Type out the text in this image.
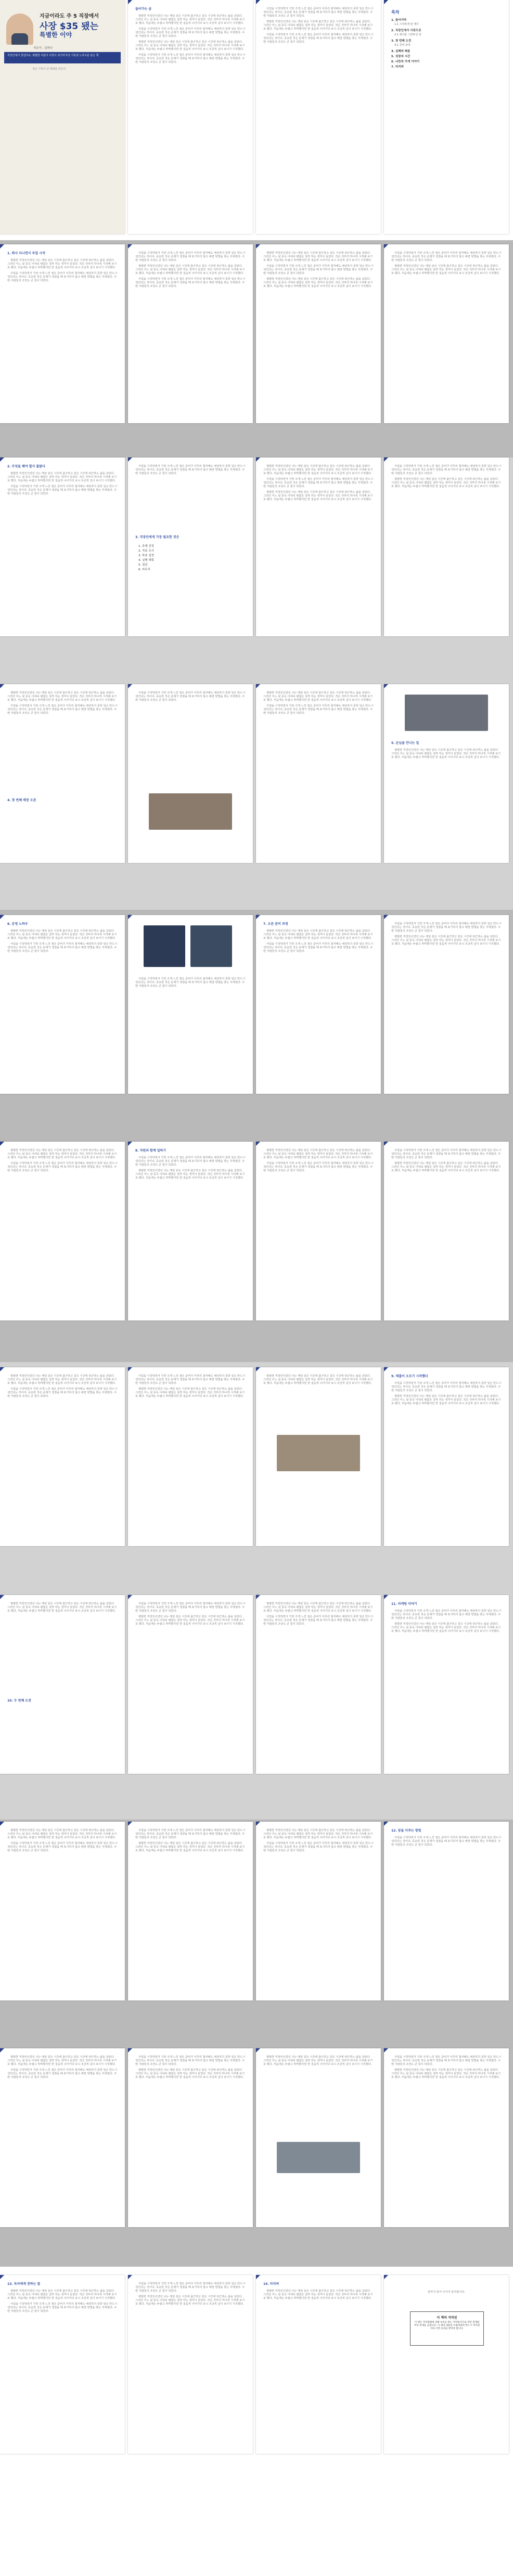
지금이라도 주 5 직장에서
사장 $35 됐는
특별한 이야
지은이 : 김하나
직장인에서 창업자로, 평범한 사람이 사장이 되기까지의 기록과 노하우를 담은 책
작은 시작이 큰 변화를 만든다
들어가는 글

평범한 직장인이었던 나는 매일 같은 시간에 출근하고 같은 시간에 퇴근하는 삶을 살았다. 그러던 어느 날 문득 이대로 괜찮은 걸까 하는 생각이 들었다. 작은 것부터 하나씩 시작해 보기로 했다. 처음에는 두렵고 막막했지만 한 걸음씩 나아가다 보니 조금씩 길이 보이기 시작했다.

사업을 시작하면서 가장 크게 느낀 점은 준비가 아무리 철저해도 예상하지 못한 일은 반드시 생긴다는 것이다. 중요한 것은 문제가 생겼을 때 포기하지 않고 해결 방법을 찾는 자세였다. 주변 사람들의 조언도 큰 힘이 되었다.

평범한 직장인이었던 나는 매일 같은 시간에 출근하고 같은 시간에 퇴근하는 삶을 살았다. 그러던 어느 날 문득 이대로 괜찮은 걸까 하는 생각이 들었다. 작은 것부터 하나씩 시작해 보기로 했다. 처음에는 두렵고 막막했지만 한 걸음씩 나아가다 보니 조금씩 길이 보이기 시작했다.

사업을 시작하면서 가장 크게 느낀 점은 준비가 아무리 철저해도 예상하지 못한 일은 반드시 생긴다는 것이다. 중요한 것은 문제가 생겼을 때 포기하지 않고 해결 방법을 찾는 자세였다. 주변 사람들의 조언도 큰 힘이 되었다.

사업을 시작하면서 가장 크게 느낀 점은 준비가 아무리 철저해도 예상하지 못한 일은 반드시 생긴다는 것이다. 중요한 것은 문제가 생겼을 때 포기하지 않고 해결 방법을 찾는 자세였다. 주변 사람들의 조언도 큰 힘이 되었다.

평범한 직장인이었던 나는 매일 같은 시간에 출근하고 같은 시간에 퇴근하는 삶을 살았다. 그러던 어느 날 문득 이대로 괜찮은 걸까 하는 생각이 들었다. 작은 것부터 하나씩 시작해 보기로 했다. 처음에는 두렵고 막막했지만 한 걸음씩 나아가다 보니 조금씩 길이 보이기 시작했다.

사업을 시작하면서 가장 크게 느낀 점은 준비가 아무리 철저해도 예상하지 못한 일은 반드시 생긴다는 것이다. 중요한 것은 문제가 생겼을 때 포기하지 않고 해결 방법을 찾는 자세였다. 주변 사람들의 조언도 큰 힘이 되었다.

목차
1. 들어가며
1-1 시작하게 된 계기
2. 직장인에서 사장으로
2-1 회사를 그만두던 날
3. 첫 번째 도전
3-1 준비 과정
4. 실패와 배움
5. 성장의 시간
6. 나만의 가게 이야기
7. 마치며
1. 회사 다니면서 부업 시작

평범한 직장인이었던 나는 매일 같은 시간에 출근하고 같은 시간에 퇴근하는 삶을 살았다. 그러던 어느 날 문득 이대로 괜찮은 걸까 하는 생각이 들었다. 작은 것부터 하나씩 시작해 보기로 했다. 처음에는 두렵고 막막했지만 한 걸음씩 나아가다 보니 조금씩 길이 보이기 시작했다.

사업을 시작하면서 가장 크게 느낀 점은 준비가 아무리 철저해도 예상하지 못한 일은 반드시 생긴다는 것이다. 중요한 것은 문제가 생겼을 때 포기하지 않고 해결 방법을 찾는 자세였다. 주변 사람들의 조언도 큰 힘이 되었다.

사업을 시작하면서 가장 크게 느낀 점은 준비가 아무리 철저해도 예상하지 못한 일은 반드시 생긴다는 것이다. 중요한 것은 문제가 생겼을 때 포기하지 않고 해결 방법을 찾는 자세였다. 주변 사람들의 조언도 큰 힘이 되었다.

평범한 직장인이었던 나는 매일 같은 시간에 출근하고 같은 시간에 퇴근하는 삶을 살았다. 그러던 어느 날 문득 이대로 괜찮은 걸까 하는 생각이 들었다. 작은 것부터 하나씩 시작해 보기로 했다. 처음에는 두렵고 막막했지만 한 걸음씩 나아가다 보니 조금씩 길이 보이기 시작했다.

사업을 시작하면서 가장 크게 느낀 점은 준비가 아무리 철저해도 예상하지 못한 일은 반드시 생긴다는 것이다. 중요한 것은 문제가 생겼을 때 포기하지 않고 해결 방법을 찾는 자세였다. 주변 사람들의 조언도 큰 힘이 되었다.

평범한 직장인이었던 나는 매일 같은 시간에 출근하고 같은 시간에 퇴근하는 삶을 살았다. 그러던 어느 날 문득 이대로 괜찮은 걸까 하는 생각이 들었다. 작은 것부터 하나씩 시작해 보기로 했다. 처음에는 두렵고 막막했지만 한 걸음씩 나아가다 보니 조금씩 길이 보이기 시작했다.

사업을 시작하면서 가장 크게 느낀 점은 준비가 아무리 철저해도 예상하지 못한 일은 반드시 생긴다는 것이다. 중요한 것은 문제가 생겼을 때 포기하지 않고 해결 방법을 찾는 자세였다. 주변 사람들의 조언도 큰 힘이 되었다.

평범한 직장인이었던 나는 매일 같은 시간에 출근하고 같은 시간에 퇴근하는 삶을 살았다. 그러던 어느 날 문득 이대로 괜찮은 걸까 하는 생각이 들었다. 작은 것부터 하나씩 시작해 보기로 했다. 처음에는 두렵고 막막했지만 한 걸음씩 나아가다 보니 조금씩 길이 보이기 시작했다.

사업을 시작하면서 가장 크게 느낀 점은 준비가 아무리 철저해도 예상하지 못한 일은 반드시 생긴다는 것이다. 중요한 것은 문제가 생겼을 때 포기하지 않고 해결 방법을 찾는 자세였다. 주변 사람들의 조언도 큰 힘이 되었다.

평범한 직장인이었던 나는 매일 같은 시간에 출근하고 같은 시간에 퇴근하는 삶을 살았다. 그러던 어느 날 문득 이대로 괜찮은 걸까 하는 생각이 들었다. 작은 것부터 하나씩 시작해 보기로 했다. 처음에는 두렵고 막막했지만 한 걸음씩 나아가다 보니 조금씩 길이 보이기 시작했다.

2. 무엇을 해야 할지 몰랐다

평범한 직장인이었던 나는 매일 같은 시간에 출근하고 같은 시간에 퇴근하는 삶을 살았다. 그러던 어느 날 문득 이대로 괜찮은 걸까 하는 생각이 들었다. 작은 것부터 하나씩 시작해 보기로 했다. 처음에는 두렵고 막막했지만 한 걸음씩 나아가다 보니 조금씩 길이 보이기 시작했다.

사업을 시작하면서 가장 크게 느낀 점은 준비가 아무리 철저해도 예상하지 못한 일은 반드시 생긴다는 것이다. 중요한 것은 문제가 생겼을 때 포기하지 않고 해결 방법을 찾는 자세였다. 주변 사람들의 조언도 큰 힘이 되었다.

사업을 시작하면서 가장 크게 느낀 점은 준비가 아무리 철저해도 예상하지 못한 일은 반드시 생긴다는 것이다. 중요한 것은 문제가 생겼을 때 포기하지 않고 해결 방법을 찾는 자세였다. 주변 사람들의 조언도 큰 힘이 되었다.

3. 직장인에게 가장 필요한 것은
1. 주제 선정
2. 자료 조사
3. 목표 설정
4. 실행 계획
5. 점검
6. 마무리

평범한 직장인이었던 나는 매일 같은 시간에 출근하고 같은 시간에 퇴근하는 삶을 살았다. 그러던 어느 날 문득 이대로 괜찮은 걸까 하는 생각이 들었다. 작은 것부터 하나씩 시작해 보기로 했다. 처음에는 두렵고 막막했지만 한 걸음씩 나아가다 보니 조금씩 길이 보이기 시작했다.

사업을 시작하면서 가장 크게 느낀 점은 준비가 아무리 철저해도 예상하지 못한 일은 반드시 생긴다는 것이다. 중요한 것은 문제가 생겼을 때 포기하지 않고 해결 방법을 찾는 자세였다. 주변 사람들의 조언도 큰 힘이 되었다.

평범한 직장인이었던 나는 매일 같은 시간에 출근하고 같은 시간에 퇴근하는 삶을 살았다. 그러던 어느 날 문득 이대로 괜찮은 걸까 하는 생각이 들었다. 작은 것부터 하나씩 시작해 보기로 했다. 처음에는 두렵고 막막했지만 한 걸음씩 나아가다 보니 조금씩 길이 보이기 시작했다.

사업을 시작하면서 가장 크게 느낀 점은 준비가 아무리 철저해도 예상하지 못한 일은 반드시 생긴다는 것이다. 중요한 것은 문제가 생겼을 때 포기하지 않고 해결 방법을 찾는 자세였다. 주변 사람들의 조언도 큰 힘이 되었다.

평범한 직장인이었던 나는 매일 같은 시간에 출근하고 같은 시간에 퇴근하는 삶을 살았다. 그러던 어느 날 문득 이대로 괜찮은 걸까 하는 생각이 들었다. 작은 것부터 하나씩 시작해 보기로 했다. 처음에는 두렵고 막막했지만 한 걸음씩 나아가다 보니 조금씩 길이 보이기 시작했다.

평범한 직장인이었던 나는 매일 같은 시간에 출근하고 같은 시간에 퇴근하는 삶을 살았다. 그러던 어느 날 문득 이대로 괜찮은 걸까 하는 생각이 들었다. 작은 것부터 하나씩 시작해 보기로 했다. 처음에는 두렵고 막막했지만 한 걸음씩 나아가다 보니 조금씩 길이 보이기 시작했다.

사업을 시작하면서 가장 크게 느낀 점은 준비가 아무리 철저해도 예상하지 못한 일은 반드시 생긴다는 것이다. 중요한 것은 문제가 생겼을 때 포기하지 않고 해결 방법을 찾는 자세였다. 주변 사람들의 조언도 큰 힘이 되었다.

4. 첫 번째 매장 오픈

사업을 시작하면서 가장 크게 느낀 점은 준비가 아무리 철저해도 예상하지 못한 일은 반드시 생긴다는 것이다. 중요한 것은 문제가 생겼을 때 포기하지 않고 해결 방법을 찾는 자세였다. 주변 사람들의 조언도 큰 힘이 되었다.

평범한 직장인이었던 나는 매일 같은 시간에 출근하고 같은 시간에 퇴근하는 삶을 살았다. 그러던 어느 날 문득 이대로 괜찮은 걸까 하는 생각이 들었다. 작은 것부터 하나씩 시작해 보기로 했다. 처음에는 두렵고 막막했지만 한 걸음씩 나아가다 보니 조금씩 길이 보이기 시작했다.

사업을 시작하면서 가장 크게 느낀 점은 준비가 아무리 철저해도 예상하지 못한 일은 반드시 생긴다는 것이다. 중요한 것은 문제가 생겼을 때 포기하지 않고 해결 방법을 찾는 자세였다. 주변 사람들의 조언도 큰 힘이 되었다.

5. 손님을 만나는 일

평범한 직장인이었던 나는 매일 같은 시간에 출근하고 같은 시간에 퇴근하는 삶을 살았다. 그러던 어느 날 문득 이대로 괜찮은 걸까 하는 생각이 들었다. 작은 것부터 하나씩 시작해 보기로 했다. 처음에는 두렵고 막막했지만 한 걸음씩 나아가다 보니 조금씩 길이 보이기 시작했다.

6. 운영 노하우

평범한 직장인이었던 나는 매일 같은 시간에 출근하고 같은 시간에 퇴근하는 삶을 살았다. 그러던 어느 날 문득 이대로 괜찮은 걸까 하는 생각이 들었다. 작은 것부터 하나씩 시작해 보기로 했다. 처음에는 두렵고 막막했지만 한 걸음씩 나아가다 보니 조금씩 길이 보이기 시작했다.

사업을 시작하면서 가장 크게 느낀 점은 준비가 아무리 철저해도 예상하지 못한 일은 반드시 생긴다는 것이다. 중요한 것은 문제가 생겼을 때 포기하지 않고 해결 방법을 찾는 자세였다. 주변 사람들의 조언도 큰 힘이 되었다.

사업을 시작하면서 가장 크게 느낀 점은 준비가 아무리 철저해도 예상하지 못한 일은 반드시 생긴다는 것이다. 중요한 것은 문제가 생겼을 때 포기하지 않고 해결 방법을 찾는 자세였다. 주변 사람들의 조언도 큰 힘이 되었다.

7. 오픈 준비 과정

평범한 직장인이었던 나는 매일 같은 시간에 출근하고 같은 시간에 퇴근하는 삶을 살았다. 그러던 어느 날 문득 이대로 괜찮은 걸까 하는 생각이 들었다. 작은 것부터 하나씩 시작해 보기로 했다. 처음에는 두렵고 막막했지만 한 걸음씩 나아가다 보니 조금씩 길이 보이기 시작했다.

사업을 시작하면서 가장 크게 느낀 점은 준비가 아무리 철저해도 예상하지 못한 일은 반드시 생긴다는 것이다. 중요한 것은 문제가 생겼을 때 포기하지 않고 해결 방법을 찾는 자세였다. 주변 사람들의 조언도 큰 힘이 되었다.

사업을 시작하면서 가장 크게 느낀 점은 준비가 아무리 철저해도 예상하지 못한 일은 반드시 생긴다는 것이다. 중요한 것은 문제가 생겼을 때 포기하지 않고 해결 방법을 찾는 자세였다. 주변 사람들의 조언도 큰 힘이 되었다.

평범한 직장인이었던 나는 매일 같은 시간에 출근하고 같은 시간에 퇴근하는 삶을 살았다. 그러던 어느 날 문득 이대로 괜찮은 걸까 하는 생각이 들었다. 작은 것부터 하나씩 시작해 보기로 했다. 처음에는 두렵고 막막했지만 한 걸음씩 나아가다 보니 조금씩 길이 보이기 시작했다.

평범한 직장인이었던 나는 매일 같은 시간에 출근하고 같은 시간에 퇴근하는 삶을 살았다. 그러던 어느 날 문득 이대로 괜찮은 걸까 하는 생각이 들었다. 작은 것부터 하나씩 시작해 보기로 했다. 처음에는 두렵고 막막했지만 한 걸음씩 나아가다 보니 조금씩 길이 보이기 시작했다.

사업을 시작하면서 가장 크게 느낀 점은 준비가 아무리 철저해도 예상하지 못한 일은 반드시 생긴다는 것이다. 중요한 것은 문제가 생겼을 때 포기하지 않고 해결 방법을 찾는 자세였다. 주변 사람들의 조언도 큰 힘이 되었다.

8. 직원과 함께 일하기

사업을 시작하면서 가장 크게 느낀 점은 준비가 아무리 철저해도 예상하지 못한 일은 반드시 생긴다는 것이다. 중요한 것은 문제가 생겼을 때 포기하지 않고 해결 방법을 찾는 자세였다. 주변 사람들의 조언도 큰 힘이 되었다.

평범한 직장인이었던 나는 매일 같은 시간에 출근하고 같은 시간에 퇴근하는 삶을 살았다. 그러던 어느 날 문득 이대로 괜찮은 걸까 하는 생각이 들었다. 작은 것부터 하나씩 시작해 보기로 했다. 처음에는 두렵고 막막했지만 한 걸음씩 나아가다 보니 조금씩 길이 보이기 시작했다.

평범한 직장인이었던 나는 매일 같은 시간에 출근하고 같은 시간에 퇴근하는 삶을 살았다. 그러던 어느 날 문득 이대로 괜찮은 걸까 하는 생각이 들었다. 작은 것부터 하나씩 시작해 보기로 했다. 처음에는 두렵고 막막했지만 한 걸음씩 나아가다 보니 조금씩 길이 보이기 시작했다.

사업을 시작하면서 가장 크게 느낀 점은 준비가 아무리 철저해도 예상하지 못한 일은 반드시 생긴다는 것이다. 중요한 것은 문제가 생겼을 때 포기하지 않고 해결 방법을 찾는 자세였다. 주변 사람들의 조언도 큰 힘이 되었다.

사업을 시작하면서 가장 크게 느낀 점은 준비가 아무리 철저해도 예상하지 못한 일은 반드시 생긴다는 것이다. 중요한 것은 문제가 생겼을 때 포기하지 않고 해결 방법을 찾는 자세였다. 주변 사람들의 조언도 큰 힘이 되었다.

평범한 직장인이었던 나는 매일 같은 시간에 출근하고 같은 시간에 퇴근하는 삶을 살았다. 그러던 어느 날 문득 이대로 괜찮은 걸까 하는 생각이 들었다. 작은 것부터 하나씩 시작해 보기로 했다. 처음에는 두렵고 막막했지만 한 걸음씩 나아가다 보니 조금씩 길이 보이기 시작했다.

평범한 직장인이었던 나는 매일 같은 시간에 출근하고 같은 시간에 퇴근하는 삶을 살았다. 그러던 어느 날 문득 이대로 괜찮은 걸까 하는 생각이 들었다. 작은 것부터 하나씩 시작해 보기로 했다. 처음에는 두렵고 막막했지만 한 걸음씩 나아가다 보니 조금씩 길이 보이기 시작했다.

사업을 시작하면서 가장 크게 느낀 점은 준비가 아무리 철저해도 예상하지 못한 일은 반드시 생긴다는 것이다. 중요한 것은 문제가 생겼을 때 포기하지 않고 해결 방법을 찾는 자세였다. 주변 사람들의 조언도 큰 힘이 되었다.

사업을 시작하면서 가장 크게 느낀 점은 준비가 아무리 철저해도 예상하지 못한 일은 반드시 생긴다는 것이다. 중요한 것은 문제가 생겼을 때 포기하지 않고 해결 방법을 찾는 자세였다. 주변 사람들의 조언도 큰 힘이 되었다.

평범한 직장인이었던 나는 매일 같은 시간에 출근하고 같은 시간에 퇴근하는 삶을 살았다. 그러던 어느 날 문득 이대로 괜찮은 걸까 하는 생각이 들었다. 작은 것부터 하나씩 시작해 보기로 했다. 처음에는 두렵고 막막했지만 한 걸음씩 나아가다 보니 조금씩 길이 보이기 시작했다.

평범한 직장인이었던 나는 매일 같은 시간에 출근하고 같은 시간에 퇴근하는 삶을 살았다. 그러던 어느 날 문득 이대로 괜찮은 걸까 하는 생각이 들었다. 작은 것부터 하나씩 시작해 보기로 했다. 처음에는 두렵고 막막했지만 한 걸음씩 나아가다 보니 조금씩 길이 보이기 시작했다.

9. 매출이 오르기 시작했다

사업을 시작하면서 가장 크게 느낀 점은 준비가 아무리 철저해도 예상하지 못한 일은 반드시 생긴다는 것이다. 중요한 것은 문제가 생겼을 때 포기하지 않고 해결 방법을 찾는 자세였다. 주변 사람들의 조언도 큰 힘이 되었다.

평범한 직장인이었던 나는 매일 같은 시간에 출근하고 같은 시간에 퇴근하는 삶을 살았다. 그러던 어느 날 문득 이대로 괜찮은 걸까 하는 생각이 들었다. 작은 것부터 하나씩 시작해 보기로 했다. 처음에는 두렵고 막막했지만 한 걸음씩 나아가다 보니 조금씩 길이 보이기 시작했다.

평범한 직장인이었던 나는 매일 같은 시간에 출근하고 같은 시간에 퇴근하는 삶을 살았다. 그러던 어느 날 문득 이대로 괜찮은 걸까 하는 생각이 들었다. 작은 것부터 하나씩 시작해 보기로 했다. 처음에는 두렵고 막막했지만 한 걸음씩 나아가다 보니 조금씩 길이 보이기 시작했다.

10. 두 번째 도전

사업을 시작하면서 가장 크게 느낀 점은 준비가 아무리 철저해도 예상하지 못한 일은 반드시 생긴다는 것이다. 중요한 것은 문제가 생겼을 때 포기하지 않고 해결 방법을 찾는 자세였다. 주변 사람들의 조언도 큰 힘이 되었다.

평범한 직장인이었던 나는 매일 같은 시간에 출근하고 같은 시간에 퇴근하는 삶을 살았다. 그러던 어느 날 문득 이대로 괜찮은 걸까 하는 생각이 들었다. 작은 것부터 하나씩 시작해 보기로 했다. 처음에는 두렵고 막막했지만 한 걸음씩 나아가다 보니 조금씩 길이 보이기 시작했다.

평범한 직장인이었던 나는 매일 같은 시간에 출근하고 같은 시간에 퇴근하는 삶을 살았다. 그러던 어느 날 문득 이대로 괜찮은 걸까 하는 생각이 들었다. 작은 것부터 하나씩 시작해 보기로 했다. 처음에는 두렵고 막막했지만 한 걸음씩 나아가다 보니 조금씩 길이 보이기 시작했다.

사업을 시작하면서 가장 크게 느낀 점은 준비가 아무리 철저해도 예상하지 못한 일은 반드시 생긴다는 것이다. 중요한 것은 문제가 생겼을 때 포기하지 않고 해결 방법을 찾는 자세였다. 주변 사람들의 조언도 큰 힘이 되었다.

11. 마케팅 이야기

사업을 시작하면서 가장 크게 느낀 점은 준비가 아무리 철저해도 예상하지 못한 일은 반드시 생긴다는 것이다. 중요한 것은 문제가 생겼을 때 포기하지 않고 해결 방법을 찾는 자세였다. 주변 사람들의 조언도 큰 힘이 되었다.

평범한 직장인이었던 나는 매일 같은 시간에 출근하고 같은 시간에 퇴근하는 삶을 살았다. 그러던 어느 날 문득 이대로 괜찮은 걸까 하는 생각이 들었다. 작은 것부터 하나씩 시작해 보기로 했다. 처음에는 두렵고 막막했지만 한 걸음씩 나아가다 보니 조금씩 길이 보이기 시작했다.

평범한 직장인이었던 나는 매일 같은 시간에 출근하고 같은 시간에 퇴근하는 삶을 살았다. 그러던 어느 날 문득 이대로 괜찮은 걸까 하는 생각이 들었다. 작은 것부터 하나씩 시작해 보기로 했다. 처음에는 두렵고 막막했지만 한 걸음씩 나아가다 보니 조금씩 길이 보이기 시작했다.

사업을 시작하면서 가장 크게 느낀 점은 준비가 아무리 철저해도 예상하지 못한 일은 반드시 생긴다는 것이다. 중요한 것은 문제가 생겼을 때 포기하지 않고 해결 방법을 찾는 자세였다. 주변 사람들의 조언도 큰 힘이 되었다.

사업을 시작하면서 가장 크게 느낀 점은 준비가 아무리 철저해도 예상하지 못한 일은 반드시 생긴다는 것이다. 중요한 것은 문제가 생겼을 때 포기하지 않고 해결 방법을 찾는 자세였다. 주변 사람들의 조언도 큰 힘이 되었다.

평범한 직장인이었던 나는 매일 같은 시간에 출근하고 같은 시간에 퇴근하는 삶을 살았다. 그러던 어느 날 문득 이대로 괜찮은 걸까 하는 생각이 들었다. 작은 것부터 하나씩 시작해 보기로 했다. 처음에는 두렵고 막막했지만 한 걸음씩 나아가다 보니 조금씩 길이 보이기 시작했다.

평범한 직장인이었던 나는 매일 같은 시간에 출근하고 같은 시간에 퇴근하는 삶을 살았다. 그러던 어느 날 문득 이대로 괜찮은 걸까 하는 생각이 들었다. 작은 것부터 하나씩 시작해 보기로 했다. 처음에는 두렵고 막막했지만 한 걸음씩 나아가다 보니 조금씩 길이 보이기 시작했다.

사업을 시작하면서 가장 크게 느낀 점은 준비가 아무리 철저해도 예상하지 못한 일은 반드시 생긴다는 것이다. 중요한 것은 문제가 생겼을 때 포기하지 않고 해결 방법을 찾는 자세였다. 주변 사람들의 조언도 큰 힘이 되었다.

12. 꿈을 이루는 방법

사업을 시작하면서 가장 크게 느낀 점은 준비가 아무리 철저해도 예상하지 못한 일은 반드시 생긴다는 것이다. 중요한 것은 문제가 생겼을 때 포기하지 않고 해결 방법을 찾는 자세였다. 주변 사람들의 조언도 큰 힘이 되었다.

평범한 직장인이었던 나는 매일 같은 시간에 출근하고 같은 시간에 퇴근하는 삶을 살았다. 그러던 어느 날 문득 이대로 괜찮은 걸까 하는 생각이 들었다. 작은 것부터 하나씩 시작해 보기로 했다. 처음에는 두렵고 막막했지만 한 걸음씩 나아가다 보니 조금씩 길이 보이기 시작했다.

사업을 시작하면서 가장 크게 느낀 점은 준비가 아무리 철저해도 예상하지 못한 일은 반드시 생긴다는 것이다. 중요한 것은 문제가 생겼을 때 포기하지 않고 해결 방법을 찾는 자세였다. 주변 사람들의 조언도 큰 힘이 되었다.

사업을 시작하면서 가장 크게 느낀 점은 준비가 아무리 철저해도 예상하지 못한 일은 반드시 생긴다는 것이다. 중요한 것은 문제가 생겼을 때 포기하지 않고 해결 방법을 찾는 자세였다. 주변 사람들의 조언도 큰 힘이 되었다.

평범한 직장인이었던 나는 매일 같은 시간에 출근하고 같은 시간에 퇴근하는 삶을 살았다. 그러던 어느 날 문득 이대로 괜찮은 걸까 하는 생각이 들었다. 작은 것부터 하나씩 시작해 보기로 했다. 처음에는 두렵고 막막했지만 한 걸음씩 나아가다 보니 조금씩 길이 보이기 시작했다.

평범한 직장인이었던 나는 매일 같은 시간에 출근하고 같은 시간에 퇴근하는 삶을 살았다. 그러던 어느 날 문득 이대로 괜찮은 걸까 하는 생각이 들었다. 작은 것부터 하나씩 시작해 보기로 했다. 처음에는 두렵고 막막했지만 한 걸음씩 나아가다 보니 조금씩 길이 보이기 시작했다.

사업을 시작하면서 가장 크게 느낀 점은 준비가 아무리 철저해도 예상하지 못한 일은 반드시 생긴다는 것이다. 중요한 것은 문제가 생겼을 때 포기하지 않고 해결 방법을 찾는 자세였다. 주변 사람들의 조언도 큰 힘이 되었다.

평범한 직장인이었던 나는 매일 같은 시간에 출근하고 같은 시간에 퇴근하는 삶을 살았다. 그러던 어느 날 문득 이대로 괜찮은 걸까 하는 생각이 들었다. 작은 것부터 하나씩 시작해 보기로 했다. 처음에는 두렵고 막막했지만 한 걸음씩 나아가다 보니 조금씩 길이 보이기 시작했다.

13. 독자에게 전하는 말

평범한 직장인이었던 나는 매일 같은 시간에 출근하고 같은 시간에 퇴근하는 삶을 살았다. 그러던 어느 날 문득 이대로 괜찮은 걸까 하는 생각이 들었다. 작은 것부터 하나씩 시작해 보기로 했다. 처음에는 두렵고 막막했지만 한 걸음씩 나아가다 보니 조금씩 길이 보이기 시작했다.

사업을 시작하면서 가장 크게 느낀 점은 준비가 아무리 철저해도 예상하지 못한 일은 반드시 생긴다는 것이다. 중요한 것은 문제가 생겼을 때 포기하지 않고 해결 방법을 찾는 자세였다. 주변 사람들의 조언도 큰 힘이 되었다.

사업을 시작하면서 가장 크게 느낀 점은 준비가 아무리 철저해도 예상하지 못한 일은 반드시 생긴다는 것이다. 중요한 것은 문제가 생겼을 때 포기하지 않고 해결 방법을 찾는 자세였다. 주변 사람들의 조언도 큰 힘이 되었다.

평범한 직장인이었던 나는 매일 같은 시간에 출근하고 같은 시간에 퇴근하는 삶을 살았다. 그러던 어느 날 문득 이대로 괜찮은 걸까 하는 생각이 들었다. 작은 것부터 하나씩 시작해 보기로 했다. 처음에는 두렵고 막막했지만 한 걸음씩 나아가다 보니 조금씩 길이 보이기 시작했다.

14. 마치며

평범한 직장인이었던 나는 매일 같은 시간에 출근하고 같은 시간에 퇴근하는 삶을 살았다. 그러던 어느 날 문득 이대로 괜찮은 걸까 하는 생각이 들었다. 작은 것부터 하나씩 시작해 보기로 했다. 처음에는 두렵고 막막했지만 한 걸음씩 나아가다 보니 조금씩 길이 보이기 시작했다.

끝까지 읽어 주셔서 감사합니다.
이 책의 저작권
이 책은 저작권법에 의해 보호를 받는 저작물이므로 무단 전재와 무단 복제를 금합니다. 이 책의 내용을 이용하려면 반드시 저작권자의 서면 동의를 받아야 합니다.
